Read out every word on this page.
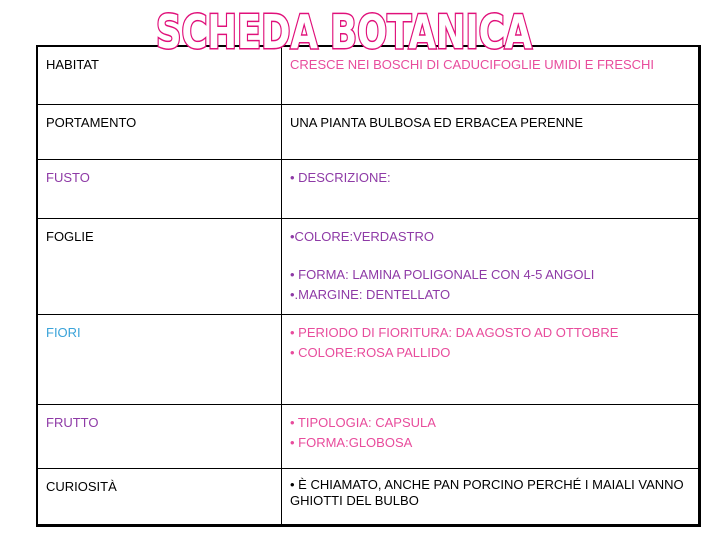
SCHEDA BOTANICA
HABITAT	CRESCE NEI BOSCHI DI CADUCIFOGLIE UMIDI E FRESCHI

PORTAMENTO	UNA PIANTA BULBOSA ED ERBACEA PERENNE

FUSTO	• DESCRIZIONE:

FOGLIE	•COLORE:VERDASTRO
• FORMA: LAMINA POLIGONALE CON 4-5 ANGOLI
•.MARGINE: DENTELLATO

FIORI	• PERIODO DI FIORITURA: DA AGOSTO AD OTTOBRE
• COLORE:ROSA PALLIDO

FRUTTO	• TIPOLOGIA: CAPSULA
• FORMA:GLOBOSA

CURIOSITÀ	• È CHIAMATO, ANCHE PAN PORCINO PERCHÉ I MAIALI VANNO GHIOTTI DEL BULBO
